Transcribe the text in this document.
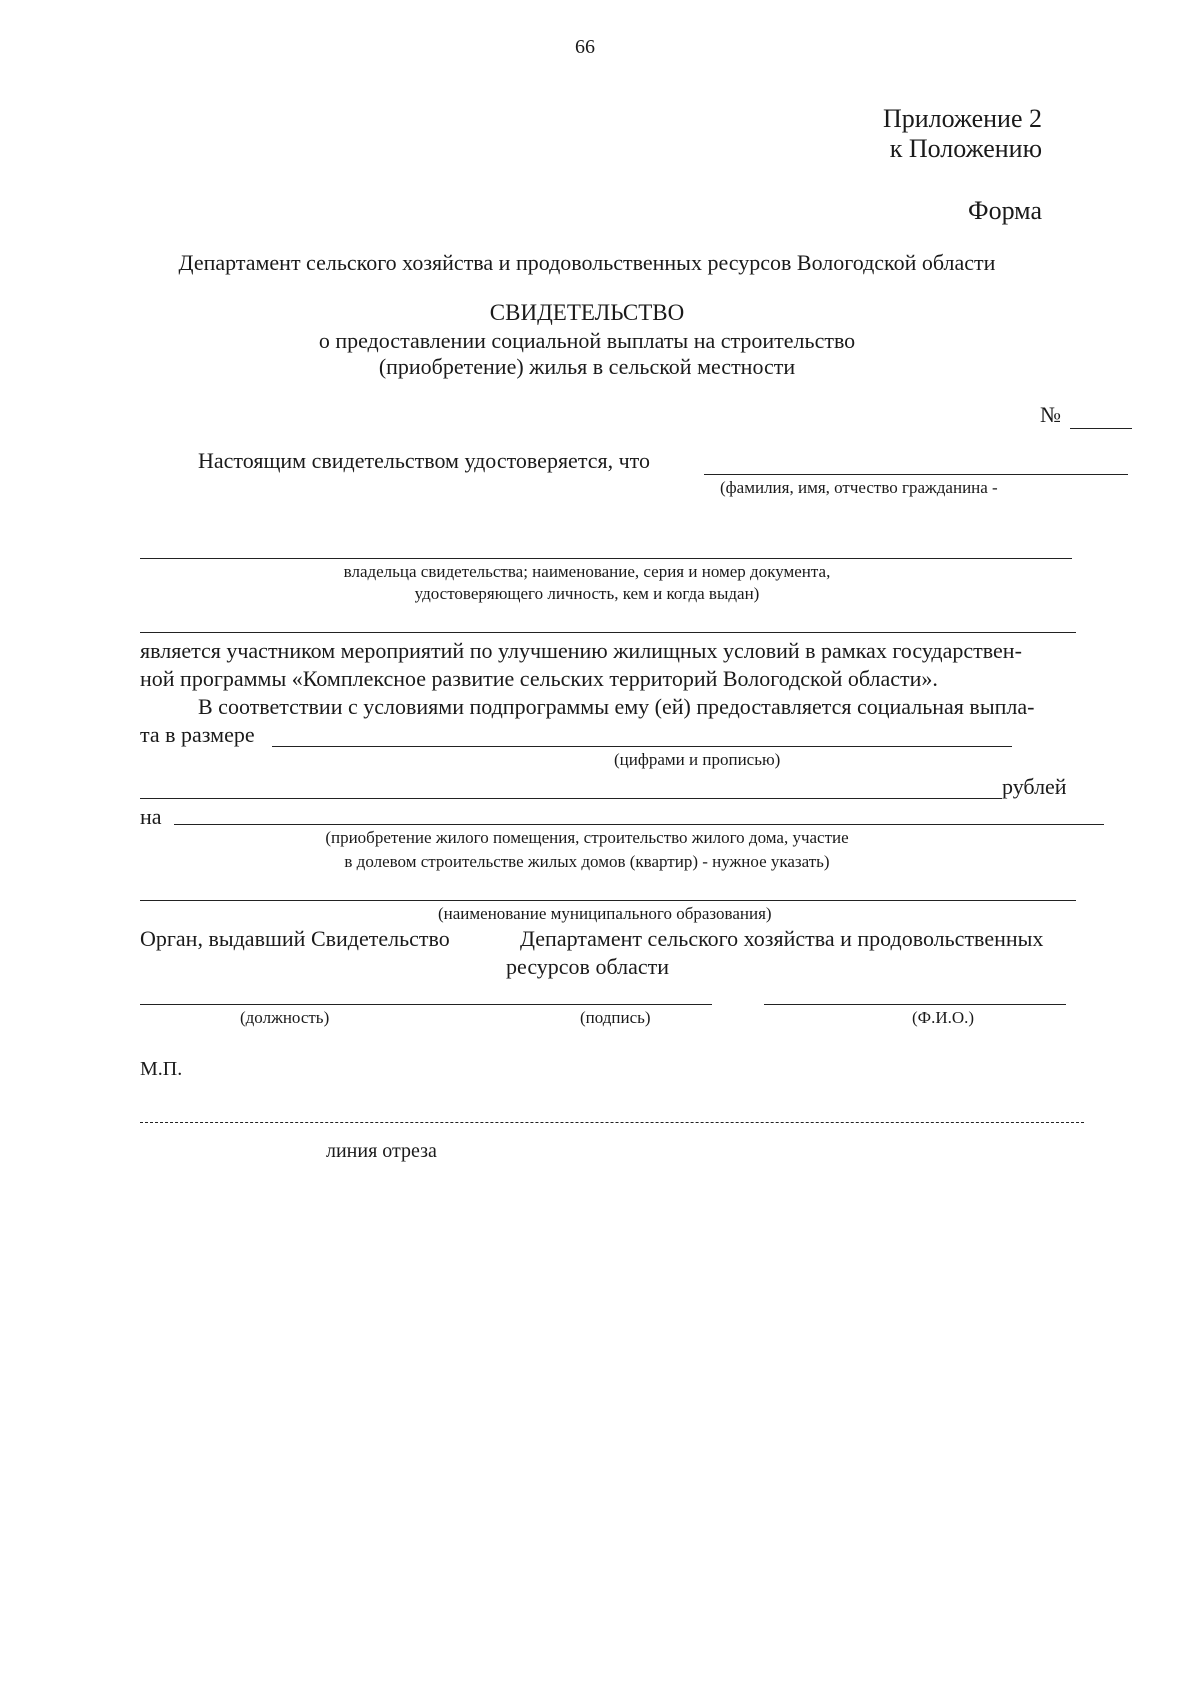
66
Приложение 2
к Положению
Форма
Департамент сельского хозяйства и продовольственных ресурсов Вологодской области
СВИДЕТЕЛЬСТВО
о предоставлении социальной выплаты на строительство
(приобретение) жилья в сельской местности
№
Настоящим свидетельством удостоверяется, что
(фамилия, имя, отчество гражданина -
владельца свидетельства; наименование, серия и номер документа,
удостоверяющего личность, кем и когда выдан)
является участником мероприятий по улучшению жилищных условий в рамках государствен-
ной программы «Комплексное развитие сельских территорий Вологодской области».
В соответствии с условиями подпрограммы ему (ей) предоставляется социальная выпла-
та в размере
(цифрами и прописью)
рублей
на
(приобретение жилого помещения, строительство жилого дома, участие
в долевом строительстве жилых домов (квартир) - нужное указать)
(наименование муниципального образования)
Орган, выдавший Свидетельство	Департамент сельского хозяйства и продовольственных
ресурсов области
(должность)	(подпись)	(Ф.И.О.)
М.П.
линия отреза
